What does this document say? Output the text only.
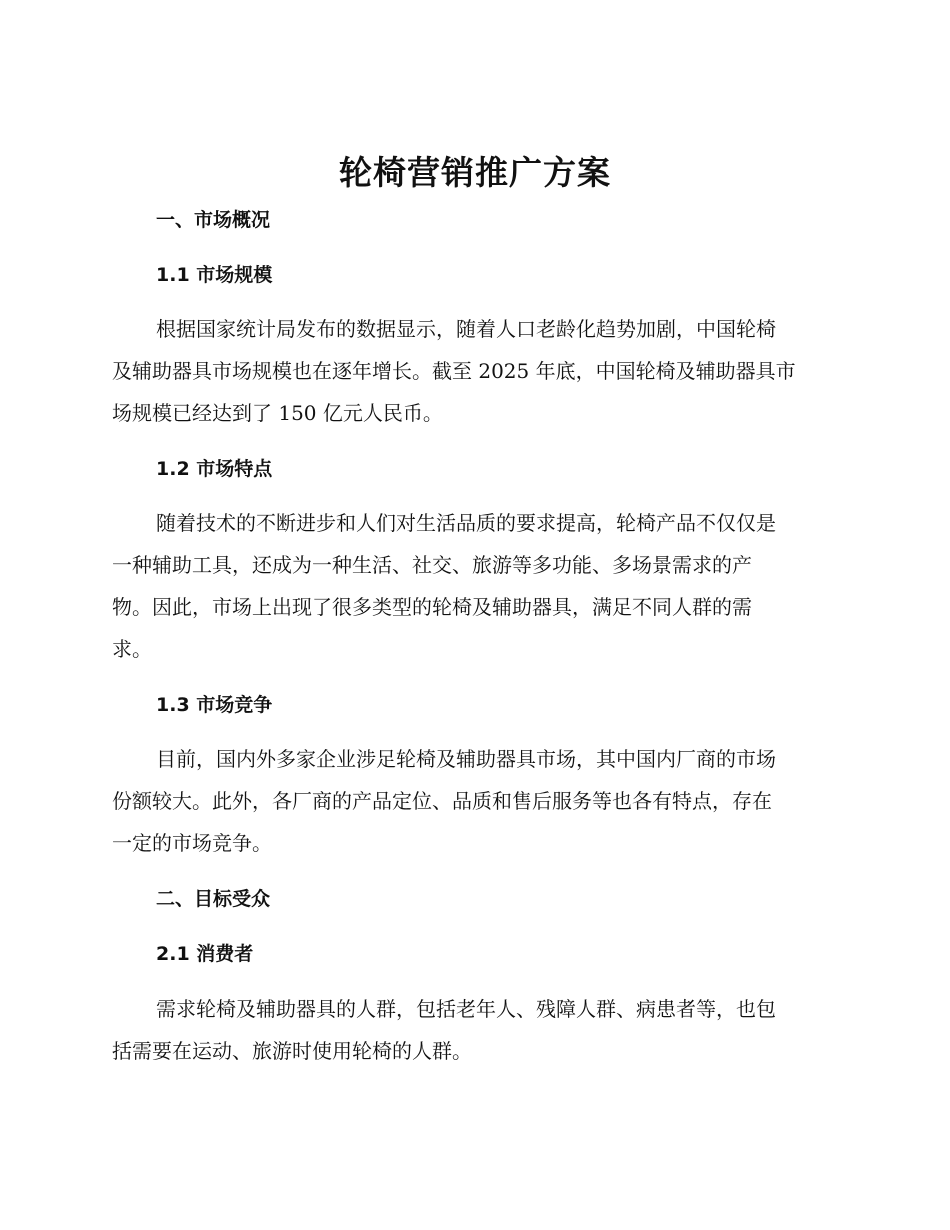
轮椅营销推广方案
一、市场概况
1.1 市场规模

根据国家统计局发布的数据显示，随着人口老龄化趋势加剧，中国轮椅
及辅助器具市场规模也在逐年增长。截至 2025 年底，中国轮椅及辅助器具市
场规模已经达到了 150 亿元人民币。

1.2 市场特点

随着技术的不断进步和人们对生活品质的要求提高，轮椅产品不仅仅是
一种辅助工具，还成为一种生活、社交、旅游等多功能、多场景需求的产
物。因此，市场上出现了很多类型的轮椅及辅助器具，满足不同人群的需
求。

1.3 市场竞争

目前，国内外多家企业涉足轮椅及辅助器具市场，其中国内厂商的市场
份额较大。此外，各厂商的产品定位、品质和售后服务等也各有特点，存在
一定的市场竞争。

二、目标受众
2.1 消费者

需求轮椅及辅助器具的人群，包括老年人、残障人群、病患者等，也包
括需要在运动、旅游时使用轮椅的人群。
